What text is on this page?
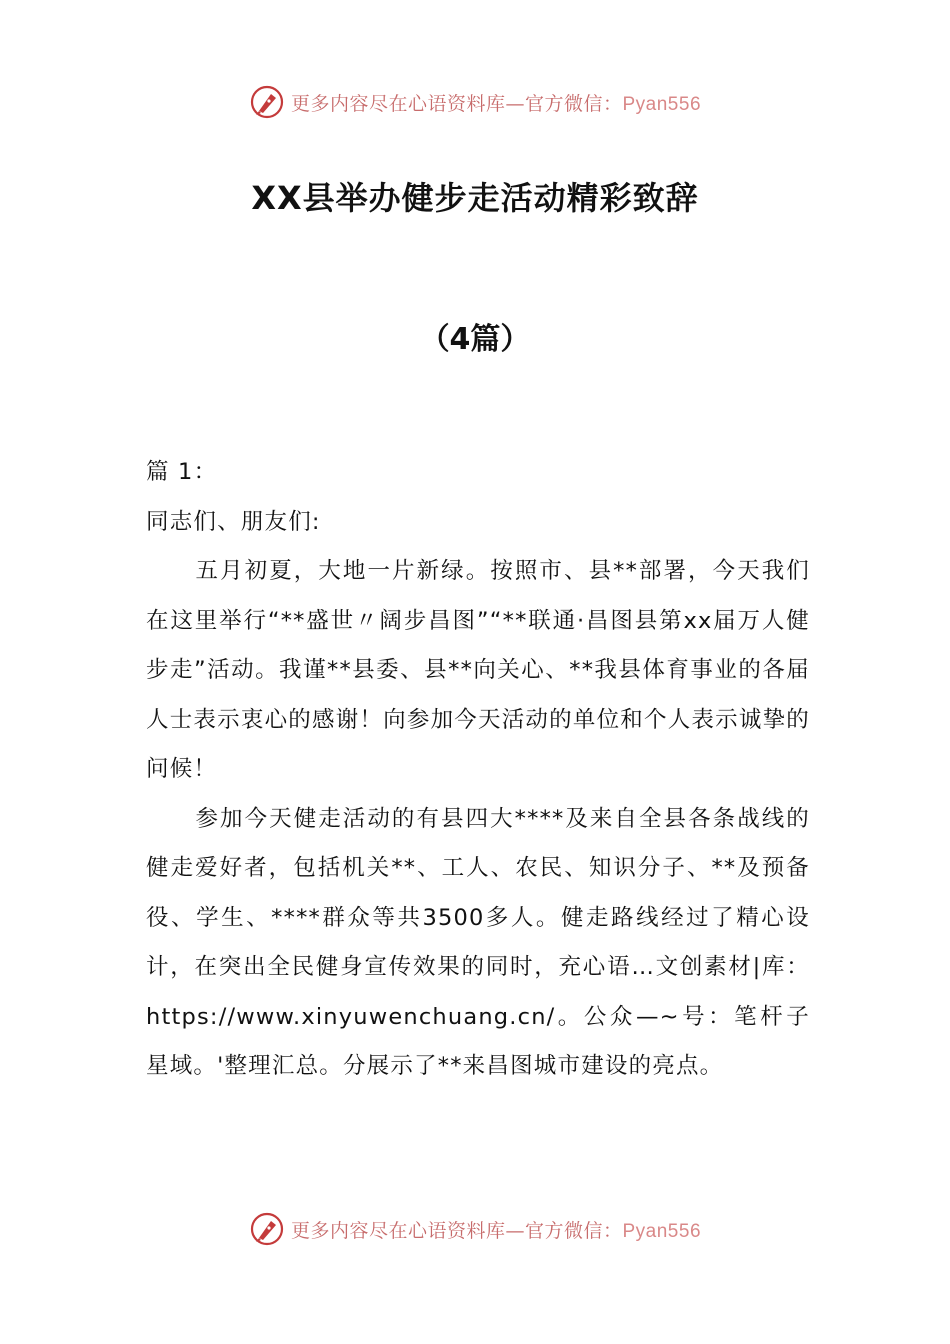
更多内容尽在心语资料库—官方微信：Pyan556
XX县举办健步走活动精彩致辞
（4篇）

篇 1：

同志们、朋友们:

五月初夏，大地一片新绿。按照市、县**部署，今天我们在这里举行“**盛世〃阔步昌图”“**联通·昌图县第xx届万人健步走”活动。我谨**县委、县**向关心、**我县体育事业的各届人士表示衷心的感谢！向参加今天活动的单位和个人表示诚挚的问候！

参加今天健走活动的有县四大****及来自全县各条战线的健走爱好者，包括机关**、工人、农民、知识分子、**及预备役、学生、****群众等共3500多人。健走路线经过了精心设计，在突出全民健身宣传效果的同时，充心语…文创素材|库：https://www.xinyuwenchuang.cn/。公众—~号：笔杆子星域。'整理汇总。分展示了**来昌图城市建设的亮点。

更多内容尽在心语资料库—官方微信：Pyan556
